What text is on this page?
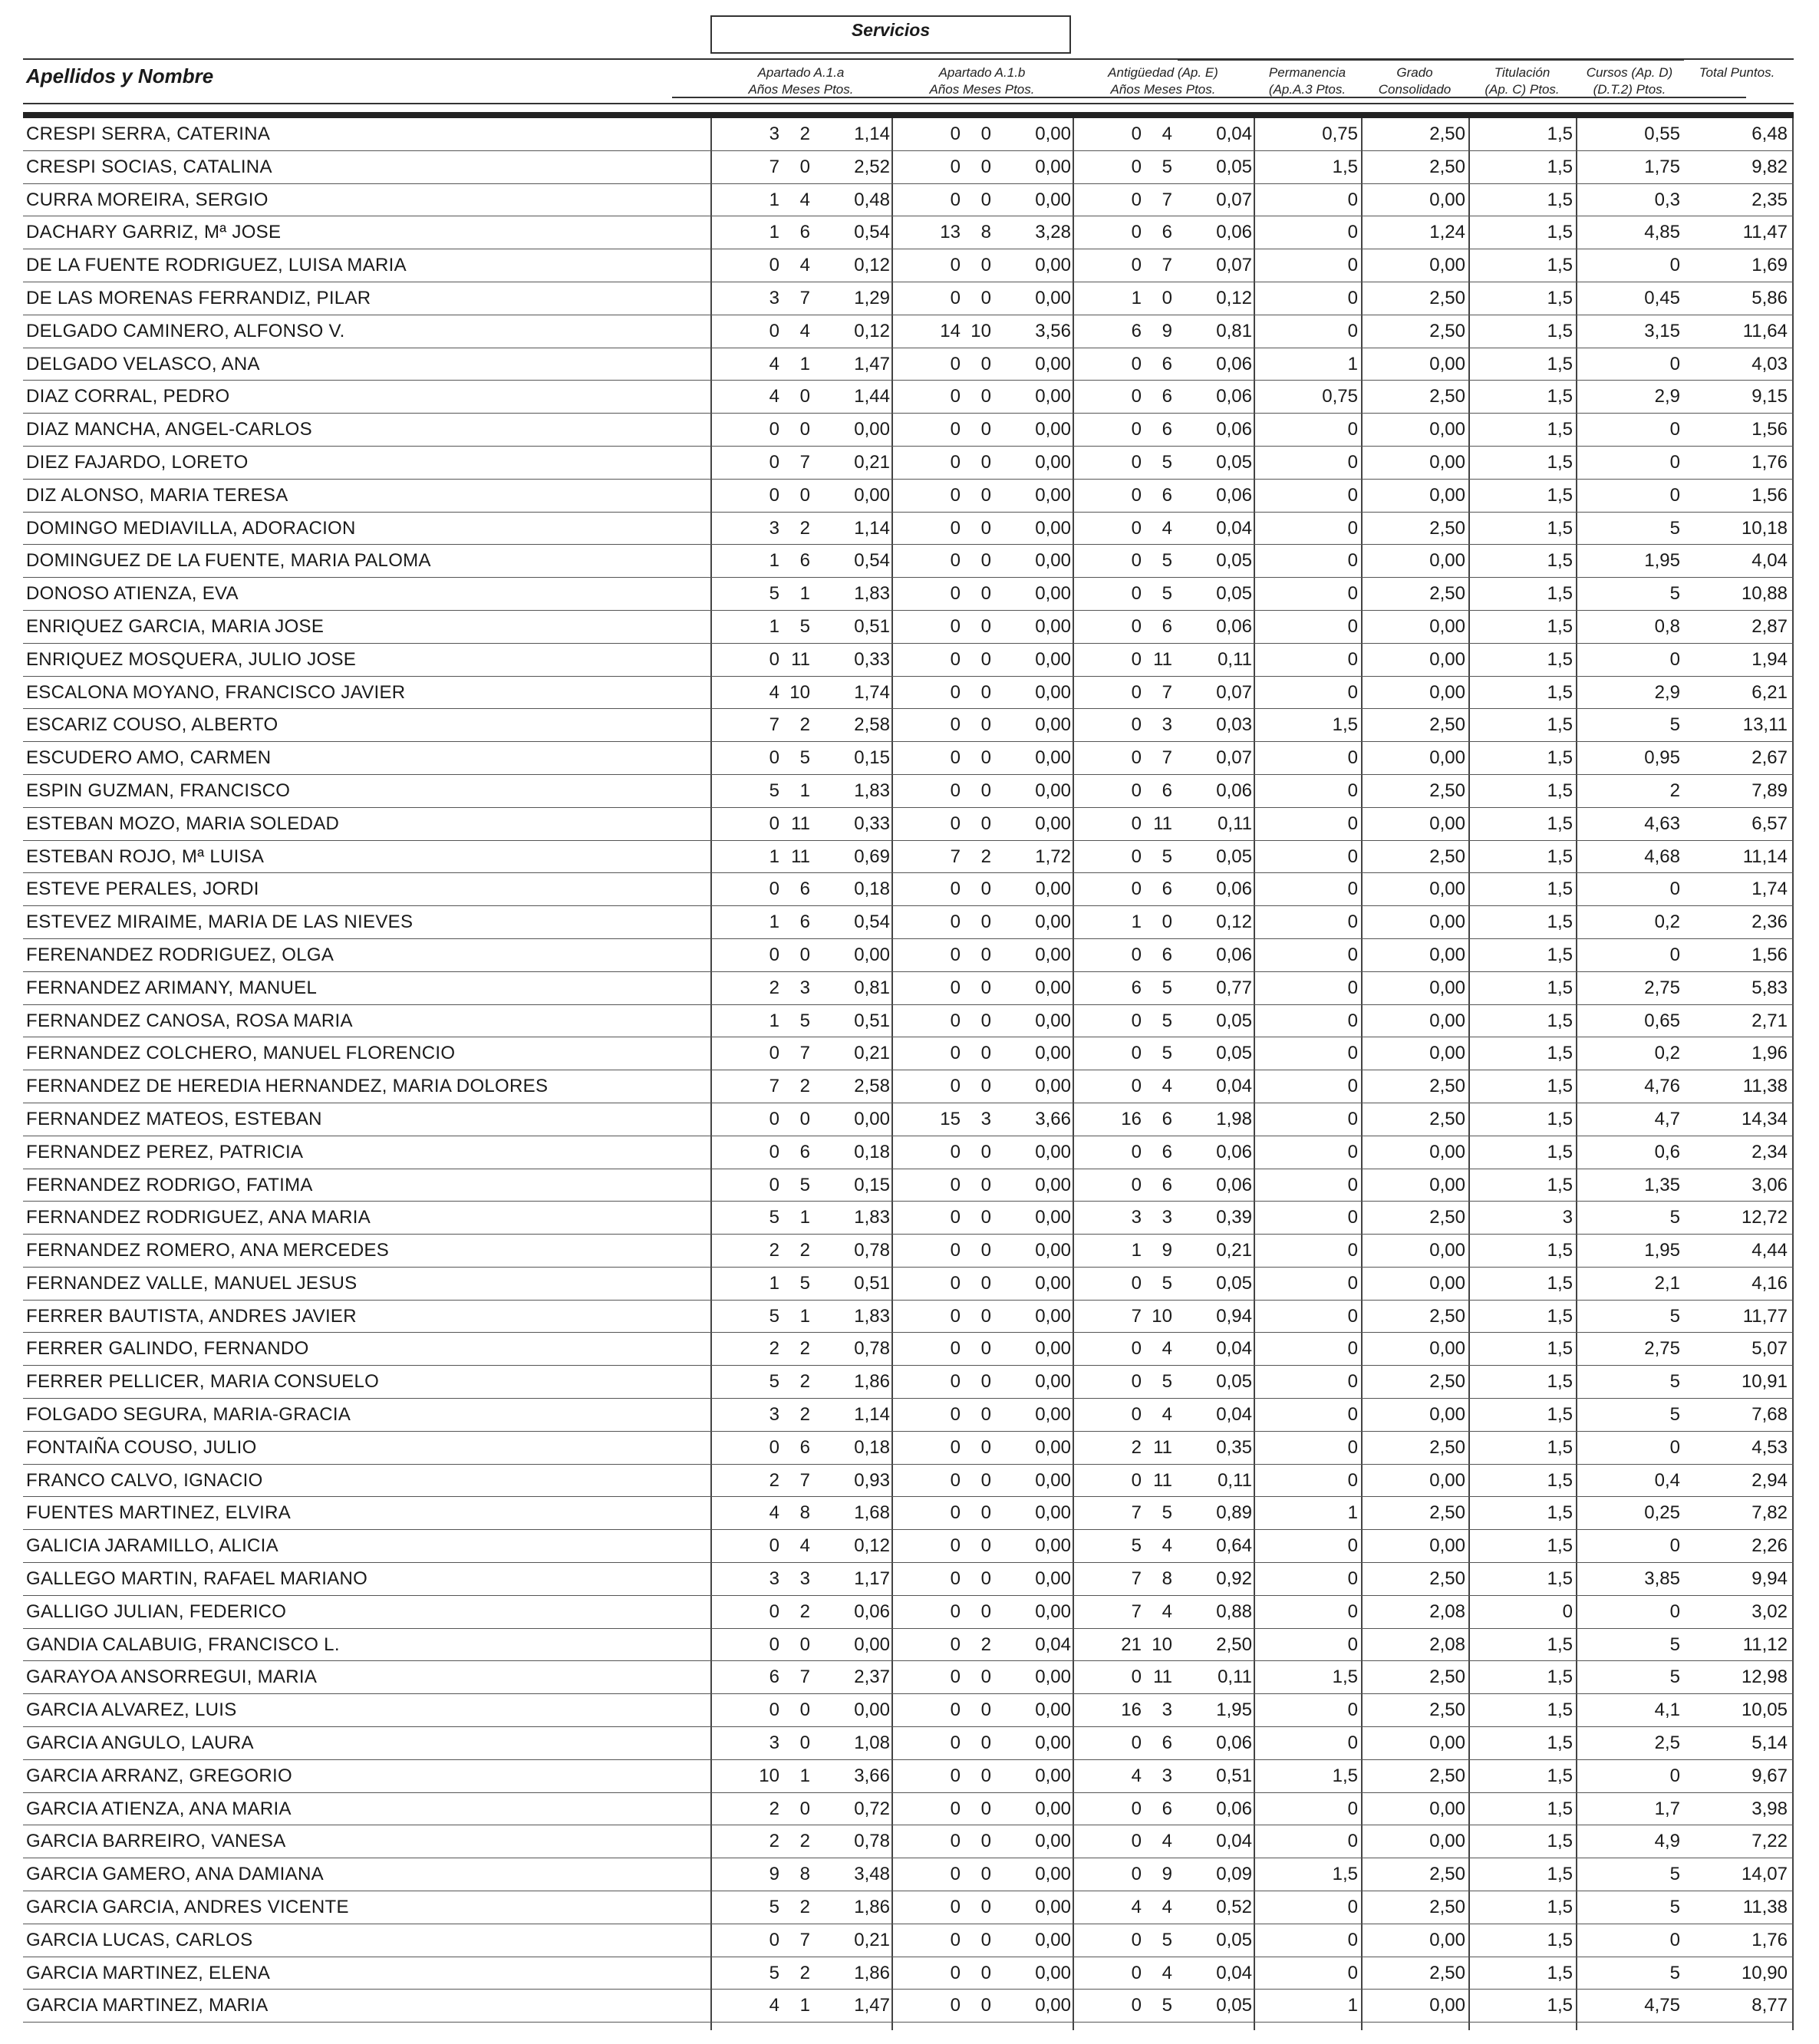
Servicios
Apellidos y Nombre	Apartado A.1.a
Años Meses Ptos.
Apartado A.1.b
Años Meses Ptos.
Antigüedad (Ap. E)
Años Meses Ptos.
Permanencia
(Ap.A.3 Ptos.
Grado
Consolidado
Titulación
(Ap. C) Ptos.
Cursos (Ap. D)
(D.T.2) Ptos.
Total Puntos.
CRESPI SERRA, CATERINA	3 2 1,14	0 0 0,00	0 4 0,04	0,75	2,50	1,5	0,55	6,48
CRESPI SOCIAS, CATALINA	7 0 2,52	0 0 0,00	0 5 0,05	1,5	2,50	1,5	1,75	9,82
CURRA MOREIRA, SERGIO	1 4 0,48	0 0 0,00	0 7 0,07	0	0,00	1,5	0,3	2,35
DACHARY GARRIZ, Mª JOSE	1 6 0,54	13 8 3,28	0 6 0,06	0	1,24	1,5	4,85	11,47
DE LA FUENTE RODRIGUEZ, LUISA MARIA	0 4 0,12	0 0 0,00	0 7 0,07	0	0,00	1,5	0	1,69
DE LAS MORENAS FERRANDIZ, PILAR	3 7 1,29	0 0 0,00	1 0 0,12	0	2,50	1,5	0,45	5,86
DELGADO CAMINERO, ALFONSO V.	0 4 0,12	14 10 3,56	6 9 0,81	0	2,50	1,5	3,15	11,64
DELGADO VELASCO, ANA	4 1 1,47	0 0 0,00	0 6 0,06	1	0,00	1,5	0	4,03
DIAZ CORRAL, PEDRO	4 0 1,44	0 0 0,00	0 6 0,06	0,75	2,50	1,5	2,9	9,15
DIAZ MANCHA, ANGEL-CARLOS	0 0 0,00	0 0 0,00	0 6 0,06	0	0,00	1,5	0	1,56
DIEZ FAJARDO, LORETO	0 7 0,21	0 0 0,00	0 5 0,05	0	0,00	1,5	0	1,76
DIZ ALONSO, MARIA TERESA	0 0 0,00	0 0 0,00	0 6 0,06	0	0,00	1,5	0	1,56
DOMINGO MEDIAVILLA, ADORACION	3 2 1,14	0 0 0,00	0 4 0,04	0	2,50	1,5	5	10,18
DOMINGUEZ DE LA FUENTE, MARIA PALOMA	1 6 0,54	0 0 0,00	0 5 0,05	0	0,00	1,5	1,95	4,04
DONOSO ATIENZA, EVA	5 1 1,83	0 0 0,00	0 5 0,05	0	2,50	1,5	5	10,88
ENRIQUEZ GARCIA, MARIA JOSE	1 5 0,51	0 0 0,00	0 6 0,06	0	0,00	1,5	0,8	2,87
ENRIQUEZ MOSQUERA, JULIO JOSE	0 11 0,33	0 0 0,00	0 11 0,11	0	0,00	1,5	0	1,94
ESCALONA MOYANO, FRANCISCO JAVIER	4 10 1,74	0 0 0,00	0 7 0,07	0	0,00	1,5	2,9	6,21
ESCARIZ COUSO, ALBERTO	7 2 2,58	0 0 0,00	0 3 0,03	1,5	2,50	1,5	5	13,11
ESCUDERO AMO, CARMEN	0 5 0,15	0 0 0,00	0 7 0,07	0	0,00	1,5	0,95	2,67
ESPIN GUZMAN, FRANCISCO	5 1 1,83	0 0 0,00	0 6 0,06	0	2,50	1,5	2	7,89
ESTEBAN MOZO, MARIA SOLEDAD	0 11 0,33	0 0 0,00	0 11 0,11	0	0,00	1,5	4,63	6,57
ESTEBAN ROJO, Mª LUISA	1 11 0,69	7 2 1,72	0 5 0,05	0	2,50	1,5	4,68	11,14
ESTEVE PERALES, JORDI	0 6 0,18	0 0 0,00	0 6 0,06	0	0,00	1,5	0	1,74
ESTEVEZ MIRAIME, MARIA DE LAS NIEVES	1 6 0,54	0 0 0,00	1 0 0,12	0	0,00	1,5	0,2	2,36
FERENANDEZ RODRIGUEZ, OLGA	0 0 0,00	0 0 0,00	0 6 0,06	0	0,00	1,5	0	1,56
FERNANDEZ ARIMANY, MANUEL	2 3 0,81	0 0 0,00	6 5 0,77	0	0,00	1,5	2,75	5,83
FERNANDEZ CANOSA, ROSA MARIA	1 5 0,51	0 0 0,00	0 5 0,05	0	0,00	1,5	0,65	2,71
FERNANDEZ COLCHERO, MANUEL FLORENCIO	0 7 0,21	0 0 0,00	0 5 0,05	0	0,00	1,5	0,2	1,96
FERNANDEZ DE HEREDIA HERNANDEZ, MARIA DOLORES	7 2 2,58	0 0 0,00	0 4 0,04	0	2,50	1,5	4,76	11,38
FERNANDEZ MATEOS, ESTEBAN	0 0 0,00	15 3 3,66	16 6 1,98	0	2,50	1,5	4,7	14,34
FERNANDEZ PEREZ, PATRICIA	0 6 0,18	0 0 0,00	0 6 0,06	0	0,00	1,5	0,6	2,34
FERNANDEZ RODRIGO, FATIMA	0 5 0,15	0 0 0,00	0 6 0,06	0	0,00	1,5	1,35	3,06
FERNANDEZ RODRIGUEZ, ANA MARIA	5 1 1,83	0 0 0,00	3 3 0,39	0	2,50	3	5	12,72
FERNANDEZ ROMERO, ANA MERCEDES	2 2 0,78	0 0 0,00	1 9 0,21	0	0,00	1,5	1,95	4,44
FERNANDEZ VALLE, MANUEL JESUS	1 5 0,51	0 0 0,00	0 5 0,05	0	0,00	1,5	2,1	4,16
FERRER BAUTISTA, ANDRES JAVIER	5 1 1,83	0 0 0,00	7 10 0,94	0	2,50	1,5	5	11,77
FERRER GALINDO, FERNANDO	2 2 0,78	0 0 0,00	0 4 0,04	0	0,00	1,5	2,75	5,07
FERRER PELLICER, MARIA CONSUELO	5 2 1,86	0 0 0,00	0 5 0,05	0	2,50	1,5	5	10,91
FOLGADO SEGURA, MARIA-GRACIA	3 2 1,14	0 0 0,00	0 4 0,04	0	0,00	1,5	5	7,68
FONTAIÑA COUSO, JULIO	0 6 0,18	0 0 0,00	2 11 0,35	0	2,50	1,5	0	4,53
FRANCO CALVO, IGNACIO	2 7 0,93	0 0 0,00	0 11 0,11	0	0,00	1,5	0,4	2,94
FUENTES MARTINEZ, ELVIRA	4 8 1,68	0 0 0,00	7 5 0,89	1	2,50	1,5	0,25	7,82
GALICIA JARAMILLO, ALICIA	0 4 0,12	0 0 0,00	5 4 0,64	0	0,00	1,5	0	2,26
GALLEGO MARTIN, RAFAEL MARIANO	3 3 1,17	0 0 0,00	7 8 0,92	0	2,50	1,5	3,85	9,94
GALLIGO JULIAN, FEDERICO	0 2 0,06	0 0 0,00	7 4 0,88	0	2,08	0	0	3,02
GANDIA CALABUIG, FRANCISCO L.	0 0 0,00	0 2 0,04	21 10 2,50	0	2,08	1,5	5	11,12
GARAYOA ANSORREGUI, MARIA	6 7 2,37	0 0 0,00	0 11 0,11	1,5	2,50	1,5	5	12,98
GARCIA ALVAREZ, LUIS	0 0 0,00	0 0 0,00	16 3 1,95	0	2,50	1,5	4,1	10,05
GARCIA ANGULO, LAURA	3 0 1,08	0 0 0,00	0 6 0,06	0	0,00	1,5	2,5	5,14
GARCIA ARRANZ, GREGORIO	10 1 3,66	0 0 0,00	4 3 0,51	1,5	2,50	1,5	0	9,67
GARCIA ATIENZA, ANA MARIA	2 0 0,72	0 0 0,00	0 6 0,06	0	0,00	1,5	1,7	3,98
GARCIA BARREIRO, VANESA	2 2 0,78	0 0 0,00	0 4 0,04	0	0,00	1,5	4,9	7,22
GARCIA GAMERO, ANA DAMIANA	9 8 3,48	0 0 0,00	0 9 0,09	1,5	2,50	1,5	5	14,07
GARCIA GARCIA, ANDRES VICENTE	5 2 1,86	0 0 0,00	4 4 0,52	0	2,50	1,5	5	11,38
GARCIA LUCAS, CARLOS	0 7 0,21	0 0 0,00	0 5 0,05	0	0,00	1,5	0	1,76
GARCIA MARTINEZ, ELENA	5 2 1,86	0 0 0,00	0 4 0,04	0	2,50	1,5	5	10,90
GARCIA MARTINEZ, MARIA	4 1 1,47	0 0 0,00	0 5 0,05	1	0,00	1,5	4,75	8,77
